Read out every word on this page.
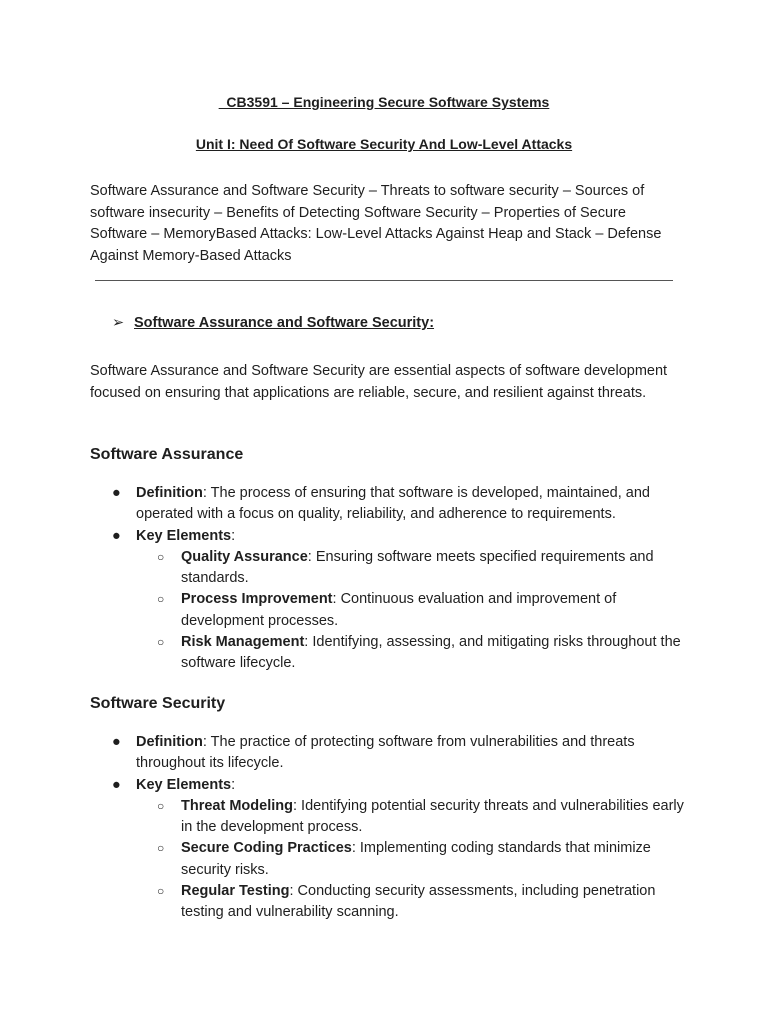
CB3591 – Engineering Secure Software Systems
Unit I: Need Of Software Security And Low-Level Attacks
Software Assurance and Software Security – Threats to software security – Sources of software insecurity – Benefits of Detecting Software Security – Properties of Secure Software – MemoryBased Attacks: Low-Level Attacks Against Heap and Stack – Defense Against Memory-Based Attacks
➢ Software Assurance and Software Security:
Software Assurance and Software Security are essential aspects of software development focused on ensuring that applications are reliable, secure, and resilient against threats.
Software Assurance
● Definition: The process of ensuring that software is developed, maintained, and operated with a focus on quality, reliability, and adherence to requirements.
● Key Elements:
○ Quality Assurance: Ensuring software meets specified requirements and standards.
○ Process Improvement: Continuous evaluation and improvement of development processes.
○ Risk Management: Identifying, assessing, and mitigating risks throughout the software lifecycle.
Software Security
● Definition: The practice of protecting software from vulnerabilities and threats throughout its lifecycle.
● Key Elements:
○ Threat Modeling: Identifying potential security threats and vulnerabilities early in the development process.
○ Secure Coding Practices: Implementing coding standards that minimize security risks.
○ Regular Testing: Conducting security assessments, including penetration testing and vulnerability scanning.
